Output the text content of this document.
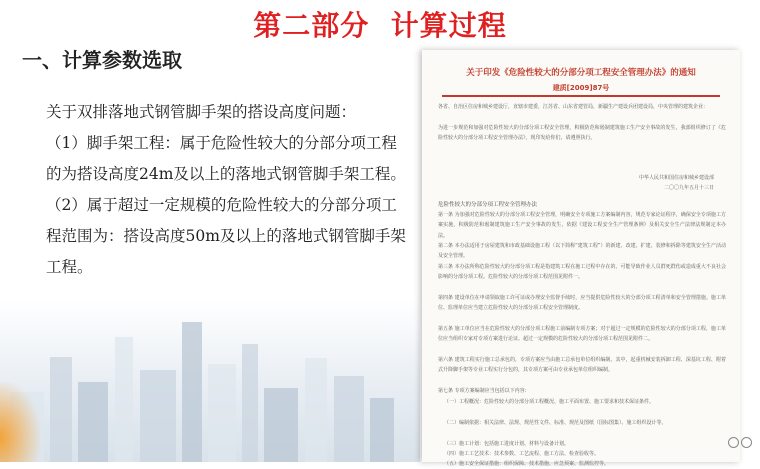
第二部分  计算过程
一、计算参数选取

关于双排落地式钢管脚手架的搭设高度问题：

（1）脚手架工程：属于危险性较大的分部分项工程的为搭设高度24m及以上的落地式钢管脚手架工程。

（2）属于超过一定规模的危险性较大的分部分项工程范围为：搭设高度50m及以上的落地式钢管脚手架工程。

关于印发《危险性较大的分部分项工程安全管理办法》的通知
建质[2009]87号
各省、自治区住房和城乡建设厅，直辖市建委，江苏省、山东省建管局，新疆生产建设兵团建设局，中央管理的建筑企业：
为进一步规范和加强对危险性较大的分部分项工程安全管理，积极防范和遏制建筑施工生产安全事故的发生，我部组织修订了《危险性较大的分部分项工程安全管理办法》，现印发给你们，请遵照执行。
中华人民共和国住房和城乡建设部
二〇〇九年五月十三日
危险性较大的分部分项工程安全管理办法
第一条 为加强对危险性较大的分部分项工程安全管理，明确安全专项施工方案编制内容，规范专家论证程序，确保安全专项施工方案实施，积极防范和遏制建筑施工生产安全事故的发生，依据《建设工程安全生产管理条例》及相关安全生产法律法规制定本办法。
第二条 本办法适用于房屋建筑和市政基础设施工程（以下简称“建筑工程”）的新建、改建、扩建、装修和拆除等建筑安全生产活动及安全管理。
第三条 本办法所称危险性较大的分部分项工程是指建筑工程在施工过程中存在的、可能导致作业人员群死群伤或造成重大不良社会影响的分部分项工程。危险性较大的分部分项工程范围见附件一。
第四条 建设单位在申请领取施工许可证或办理安全监督手续时，应当提供危险性较大的分部分项工程清单和安全管理措施。施工单位、监理单位应当建立危险性较大的分部分项工程安全管理制度。
第五条 施工单位应当在危险性较大的分部分项工程施工前编制专项方案；对于超过一定规模的危险性较大的分部分项工程，施工单位应当组织专家对专项方案进行论证。超过一定规模的危险性较大的分部分项工程范围见附件二。
第六条 建筑工程实行施工总承包的，专项方案应当由施工总承包单位组织编制。其中，起重机械安装拆卸工程、深基坑工程、附着式升降脚手架等专业工程实行分包的，其专项方案可由专业承包单位组织编制。
第七条 专项方案编制应当包括以下内容：
（一）工程概况：危险性较大的分部分项工程概况、施工平面布置、施工要求和技术保证条件。
（二）编制依据：相关法律、法规、规范性文件、标准、规范及图纸（国标图集）、施工组织设计等。
（三）施工计划：包括施工进度计划、材料与设备计划。
（四）施工工艺技术：技术参数、工艺流程、施工方法、检查验收等。
（五）施工安全保证措施：组织保障、技术措施、应急预案、监测监控等。
